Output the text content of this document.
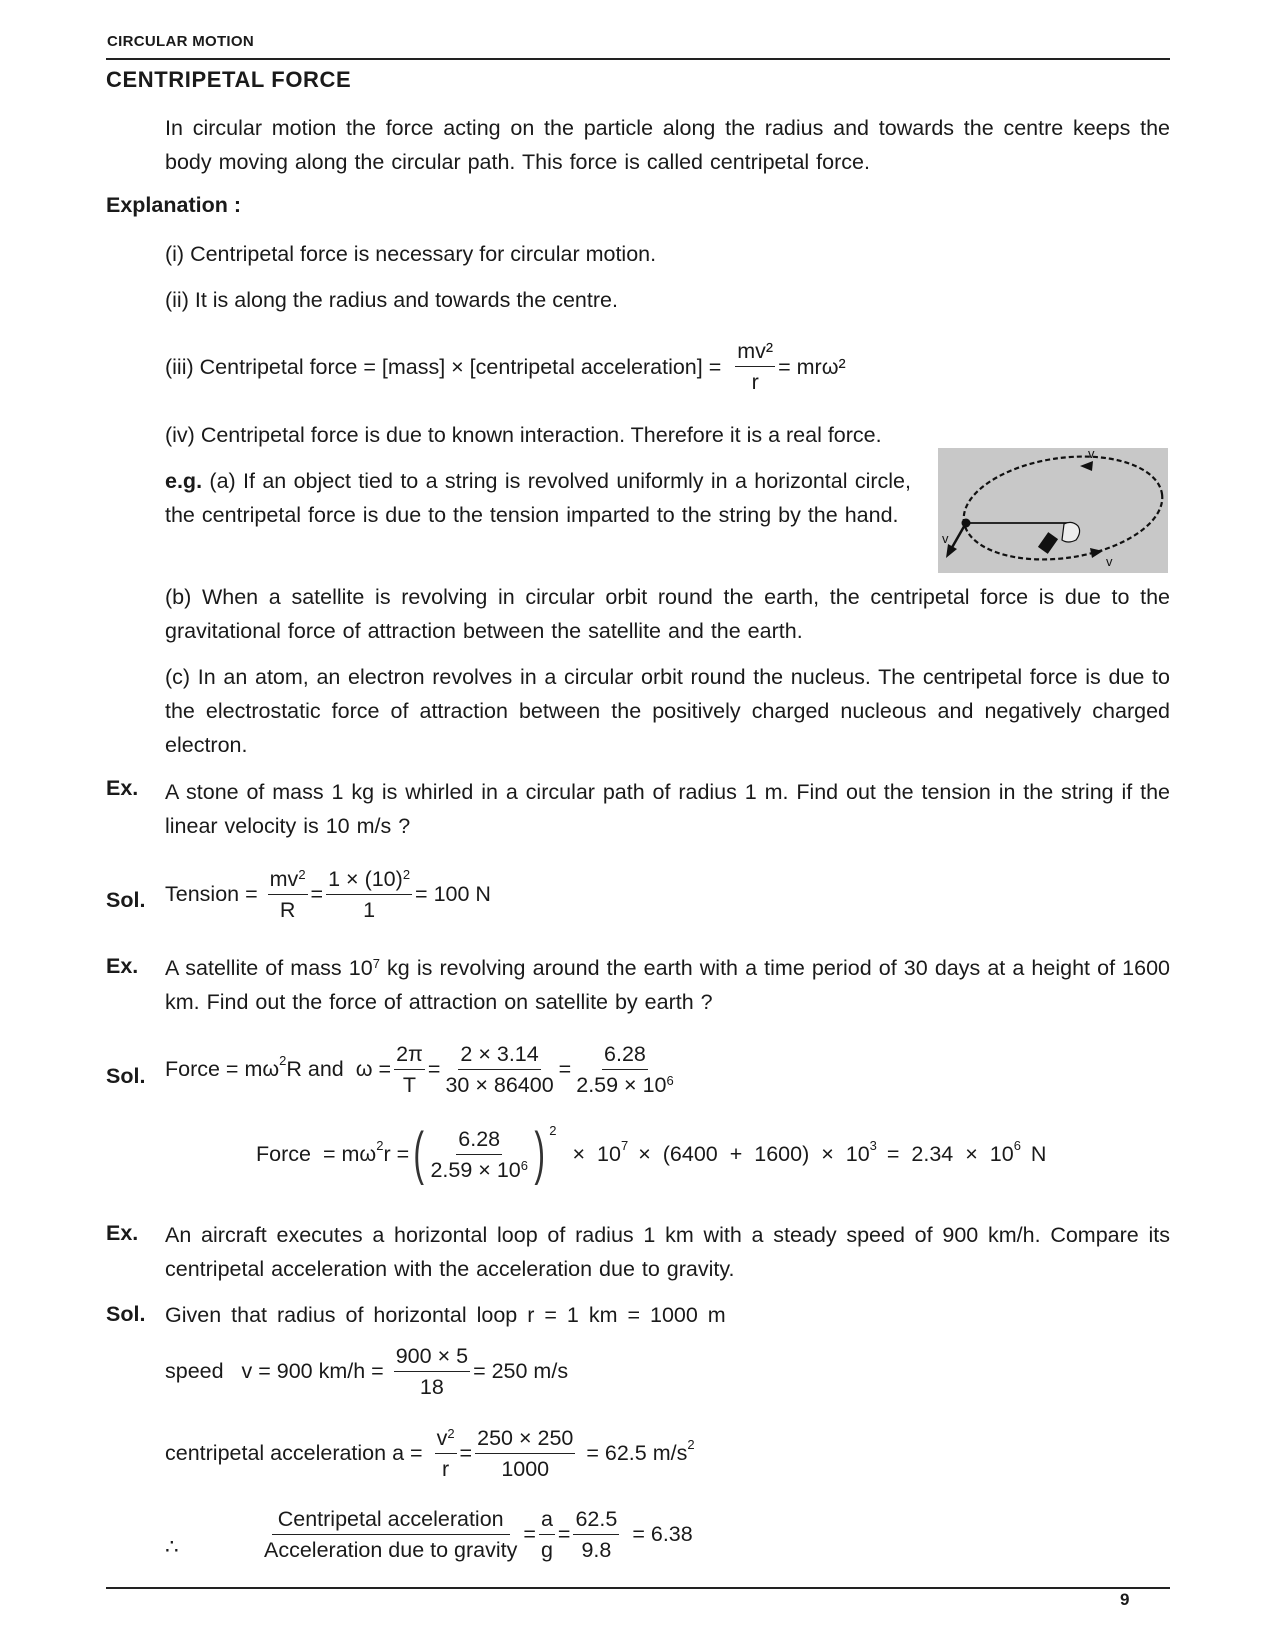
CIRCULAR MOTION
CENTRIPETAL FORCE
In circular motion the force acting on the particle along the radius and towards the centre keeps the body moving along the circular path. This force is called centripetal force.
Explanation :
(i) Centripetal force is necessary for circular motion.
(ii) It is along the radius and towards the centre.
(iii) Centripetal force = [mass] × [centripetal acceleration] = $\frac{\text{mv²}}{r} = mr\omega^2$
(iv) Centripetal force is due to known interaction. Therefore it is a real force.
e.g. (a) If an object tied to a string is revolved uniformly in a horizontal circle, the centripetal force is due to the tension imparted to the string by the hand.
v
v
v
(b) When a satellite is revolving in circular orbit round the earth, the centripetal force is due to the gravitational force of attraction between the satellite and the earth.
(c) In an atom, an electron revolves in a circular orbit round the nucleus. The centripetal force is due to the electrostatic force of attraction between the positively charged nucleous and negatively charged electron.
Ex. A stone of mass 1 kg is whirled in a circular path of radius 1 m. Find out the tension in the string if the linear velocity is 10 m/s ?
Sol. Tension = $\frac{mv^2}{R} = \frac{1 \times (10)^2}{1} = 100$ N
Ex. A satellite of mass $10^7$ kg is revolving around the earth with a time period of 30 days at a height of 1600 km. Find out the force of attraction on satellite by earth ?
Sol. Force = $m\omega^2R$ and $\omega = \frac{2\pi}{T} = \frac{2 \times 3.14}{30 \times 86400} = \frac{6.28}{2.59 \times 10^6}$
Force = $m\omega^2r$ = ( $\frac{6.28}{2.59 \times 10^6}$ ) $^2$
× $10^7 \times (6400 + 1600) \times 10^3 = 2.34 \times 10^6$ N
Ex. An aircraft executes a horizontal loop of radius 1 km with a steady speed of 900 km/h. Compare its centripetal acceleration with the acceleration due to gravity.
Sol. Given that radius of horizontal loop r = 1 km = 1000 m
speed   v = 900 $km/h = \frac{900 \times 5}{18} = 250$ m/s
centripetal acceleration $a = \frac{v^2}{r} = \frac{250 \times 250}{1000} = 62.5$ $m/s^2$
∴	$\frac{\text{Centripetal acceleration}}{\text{Acceleration due to gravity}} = \frac{a}{g} = \frac{62.5}{9.8} = 6.38$
9
